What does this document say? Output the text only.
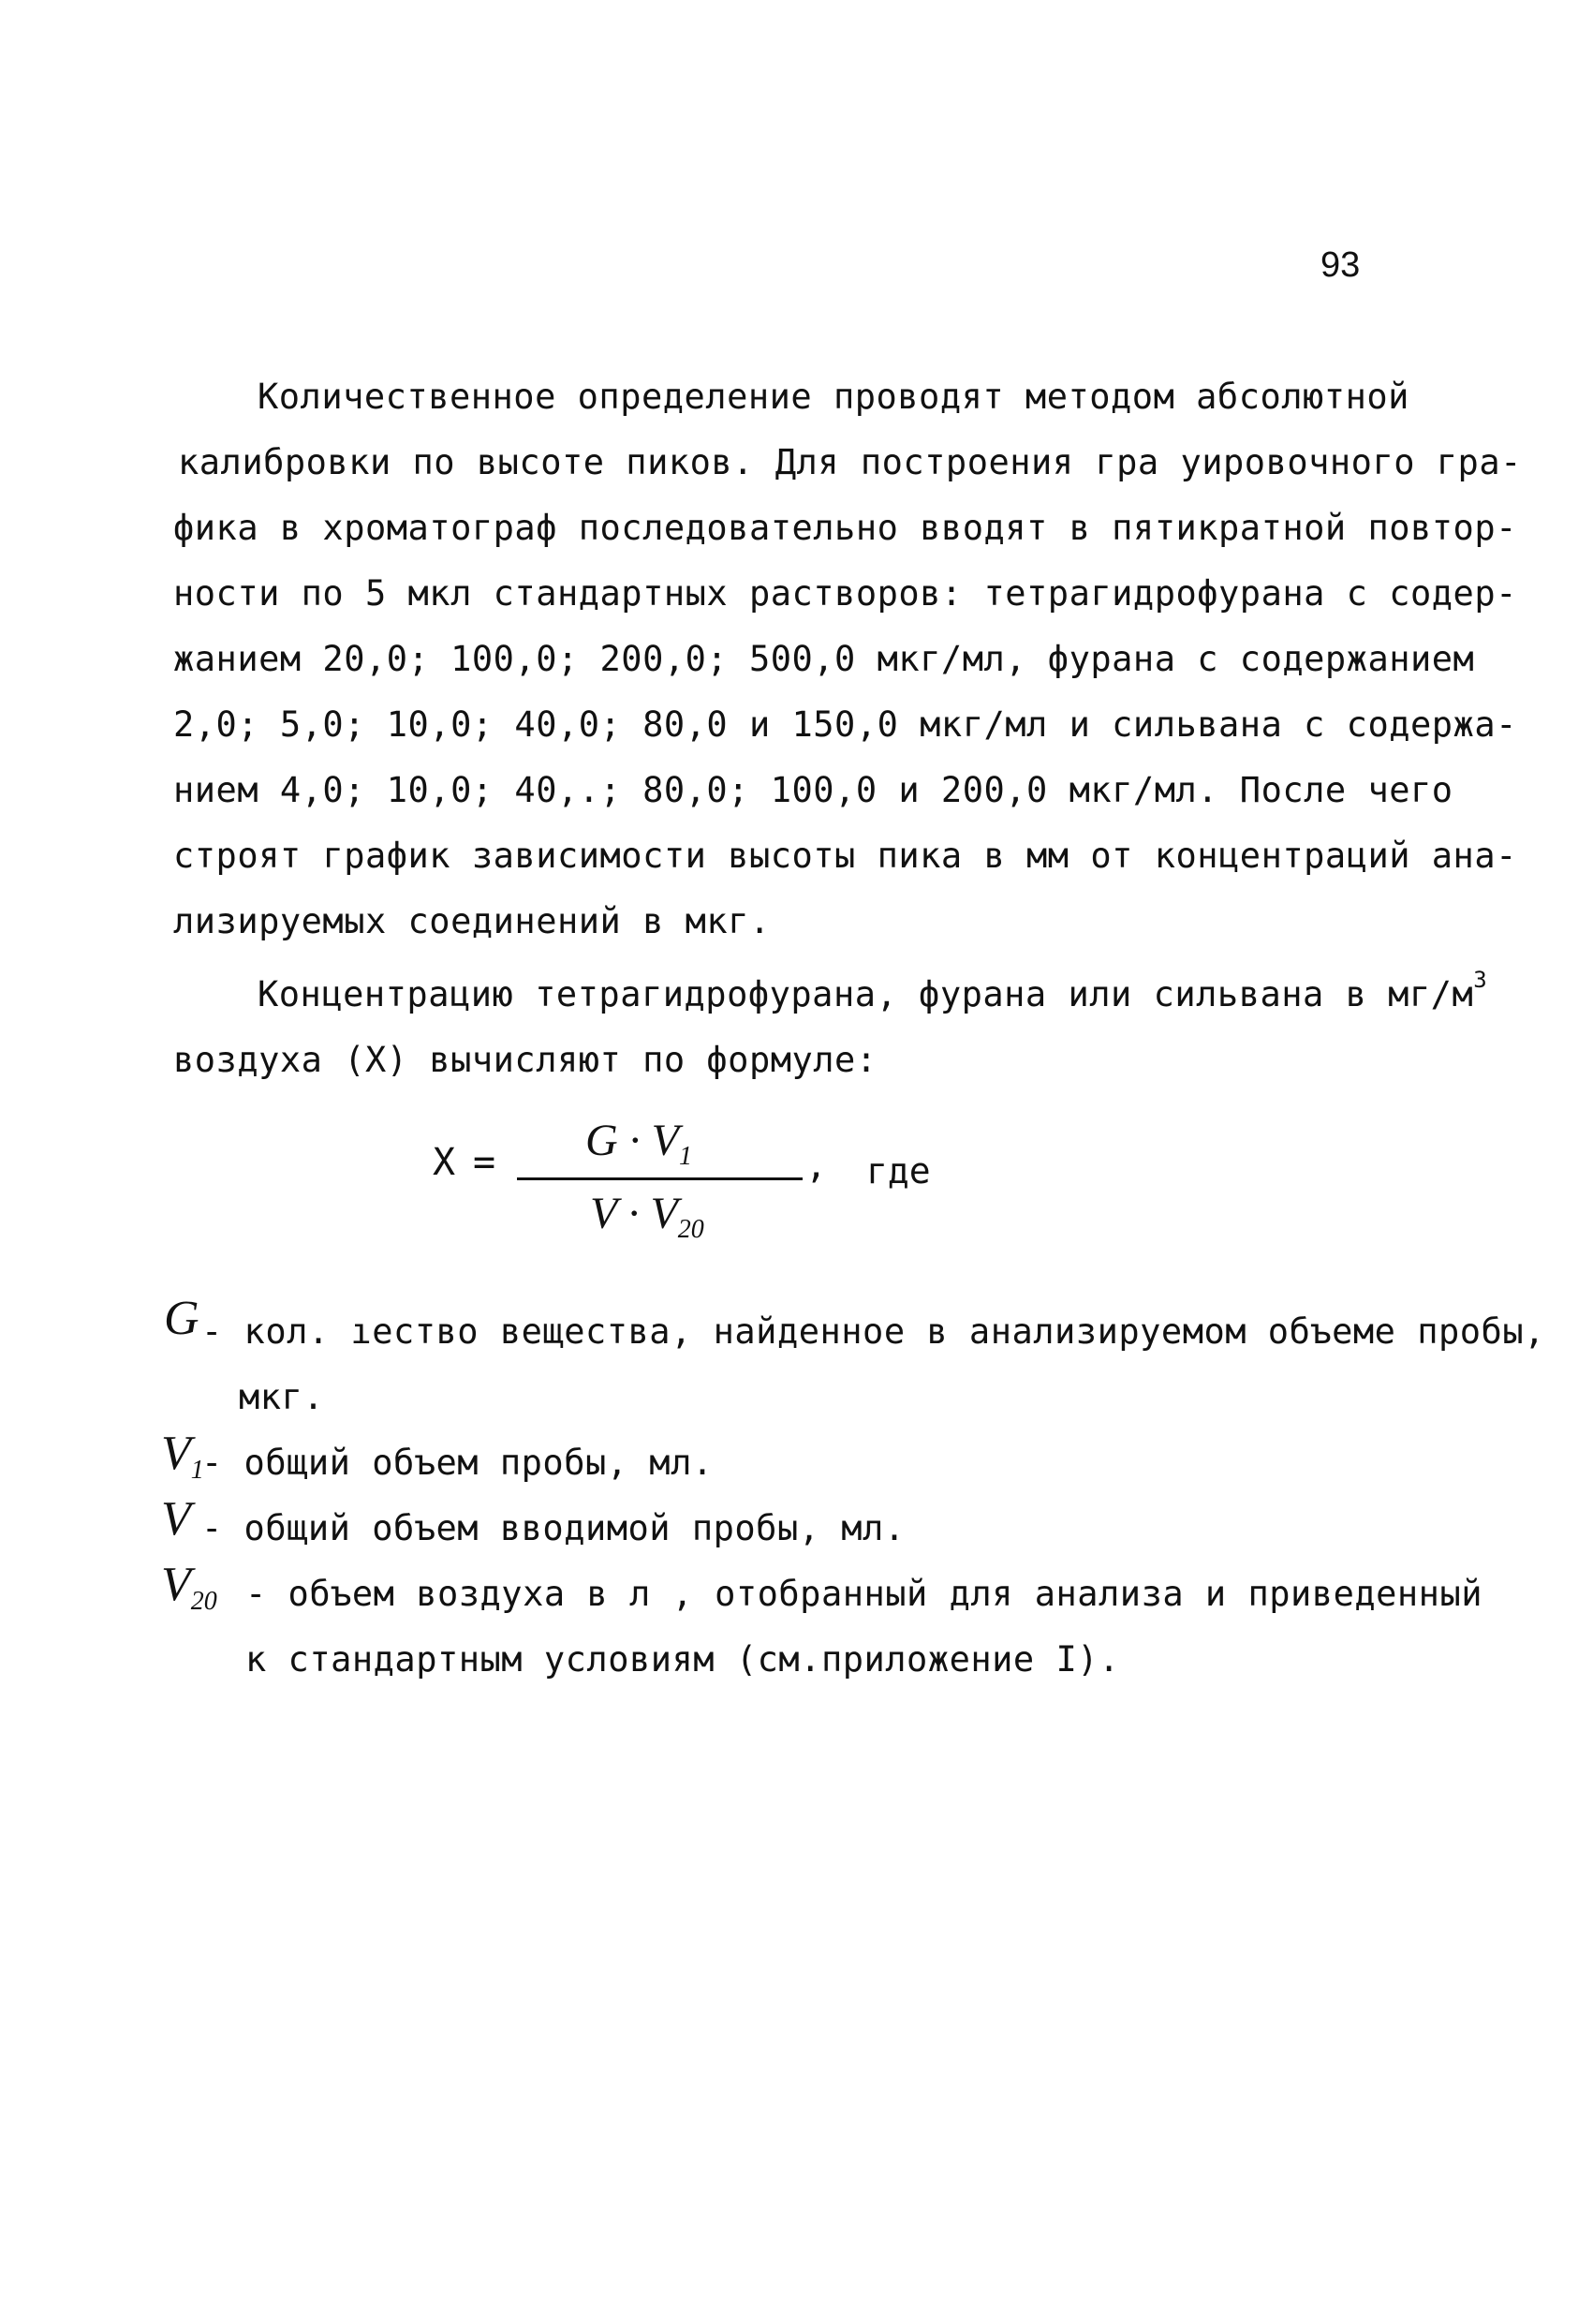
93
Количественное определение проводят методом абсолютной
калибровки по высоте пиков. Для построения гра уировочного гра-
фика в хроматограф последовательно вводят в пятикратной повтор-
ности по 5 мкл стандартных растворов: тетрагидрофурана с содер-
жанием 20,0; 100,0; 200,0; 500,0 мкг/мл, фурана с содержанием
2,0; 5,0; 10,0; 40,0; 80,0 и 150,0 мкг/мл и сильвана с содержа-
нием 4,0; 10,0; 40,.; 80,0; 100,0 и 200,0 мкг/мл. После чего
строят график зависимости высоты пика в мм от концентраций ана-
лизируемых соединений в мкг.
Концентрацию тетрагидрофурана, фурана или сильвана в $мг/м^3$
воздуха (X) вычисляют по формуле:
$X = G \cdot V_1$
$V \cdot V_{20}$
, где
G - кол. ıество вещества, найденное в анализируемом объеме пробы,
мкг.
V1
- общий объем пробы, мл.
V - общий объем вводимой пробы, мл.
V20 - объем воздуха в л , отобранный для анализа и приведенный
к стандартным условиям (см.приложение I).
